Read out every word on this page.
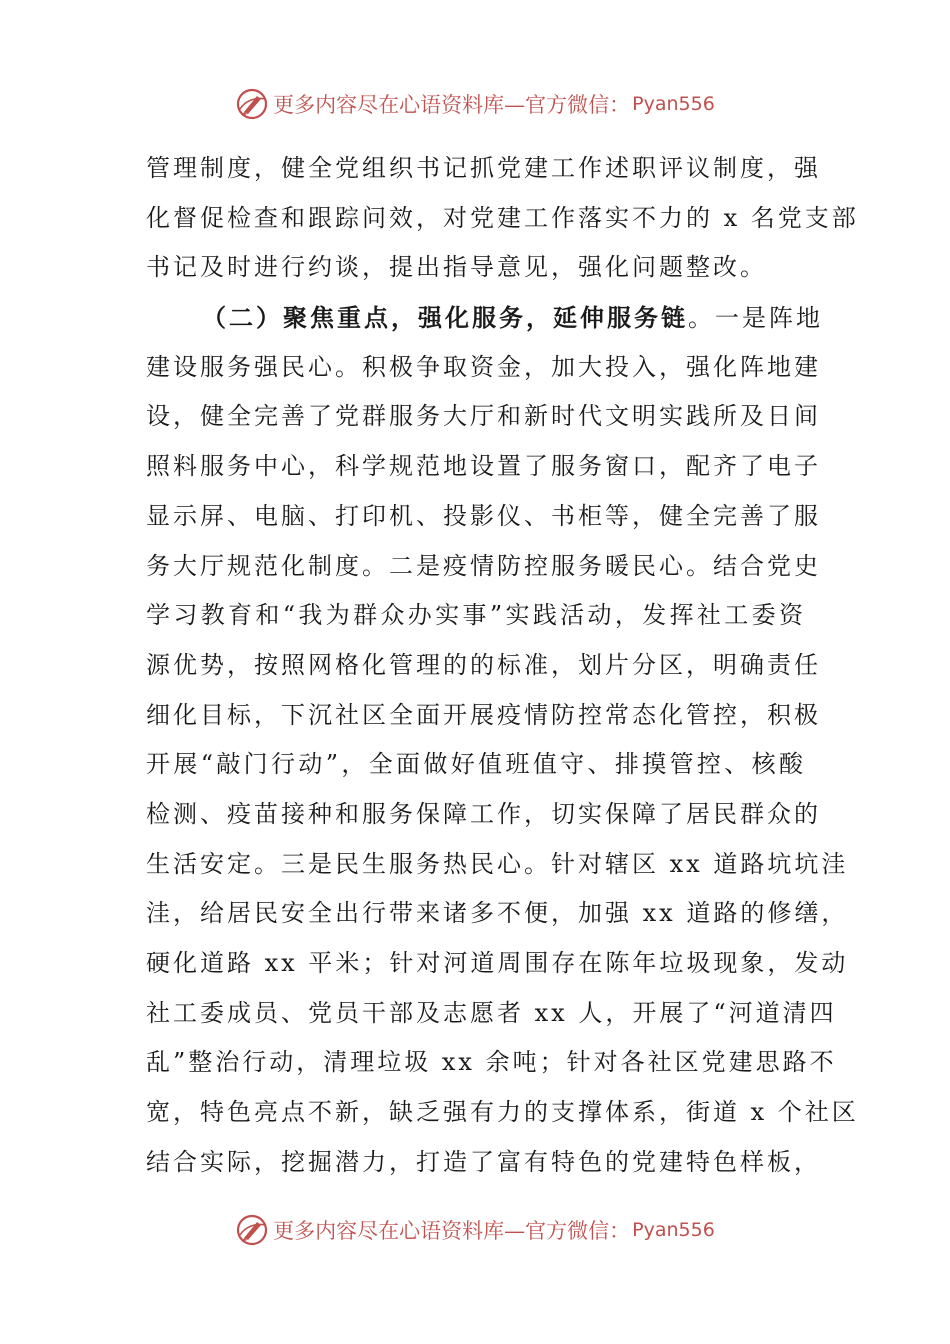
更多内容尽在心语资料库—官方微信： Pyan556
管理制度，健全党组织书记抓党建工作述职评议制度，强
化督促检查和跟踪问效，对党建工作落实不力的 x 名党支部
书记及时进行约谈，提出指导意见，强化问题整改。
（二）聚焦重点，强化服务，延伸服务链。一是阵地
建设服务强民心。积极争取资金，加大投入，强化阵地建
设，健全完善了党群服务大厅和新时代文明实践所及日间
照料服务中心，科学规范地设置了服务窗口，配齐了电子
显示屏、电脑、打印机、投影仪、书柜等，健全完善了服
务大厅规范化制度。二是疫情防控服务暖民心。结合党史
学习教育和“我为群众办实事”实践活动，发挥社工委资
源优势，按照网格化管理的的标准，划片分区，明确责任
细化目标，下沉社区全面开展疫情防控常态化管控，积极
开展“敲门行动”，全面做好值班值守、排摸管控、核酸
检测、疫苗接种和服务保障工作，切实保障了居民群众的
生活安定。三是民生服务热民心。针对辖区 xx 道路坑坑洼
洼，给居民安全出行带来诸多不便，加强 xx 道路的修缮，
硬化道路 xx 平米；针对河道周围存在陈年垃圾现象，发动
社工委成员、党员干部及志愿者 xx 人，开展了“河道清四
乱”整治行动，清理垃圾 xx 余吨；针对各社区党建思路不
宽，特色亮点不新，缺乏强有力的支撑体系，街道 x 个社区
结合实际，挖掘潜力，打造了富有特色的党建特色样板，
更多内容尽在心语资料库—官方微信： Pyan556
